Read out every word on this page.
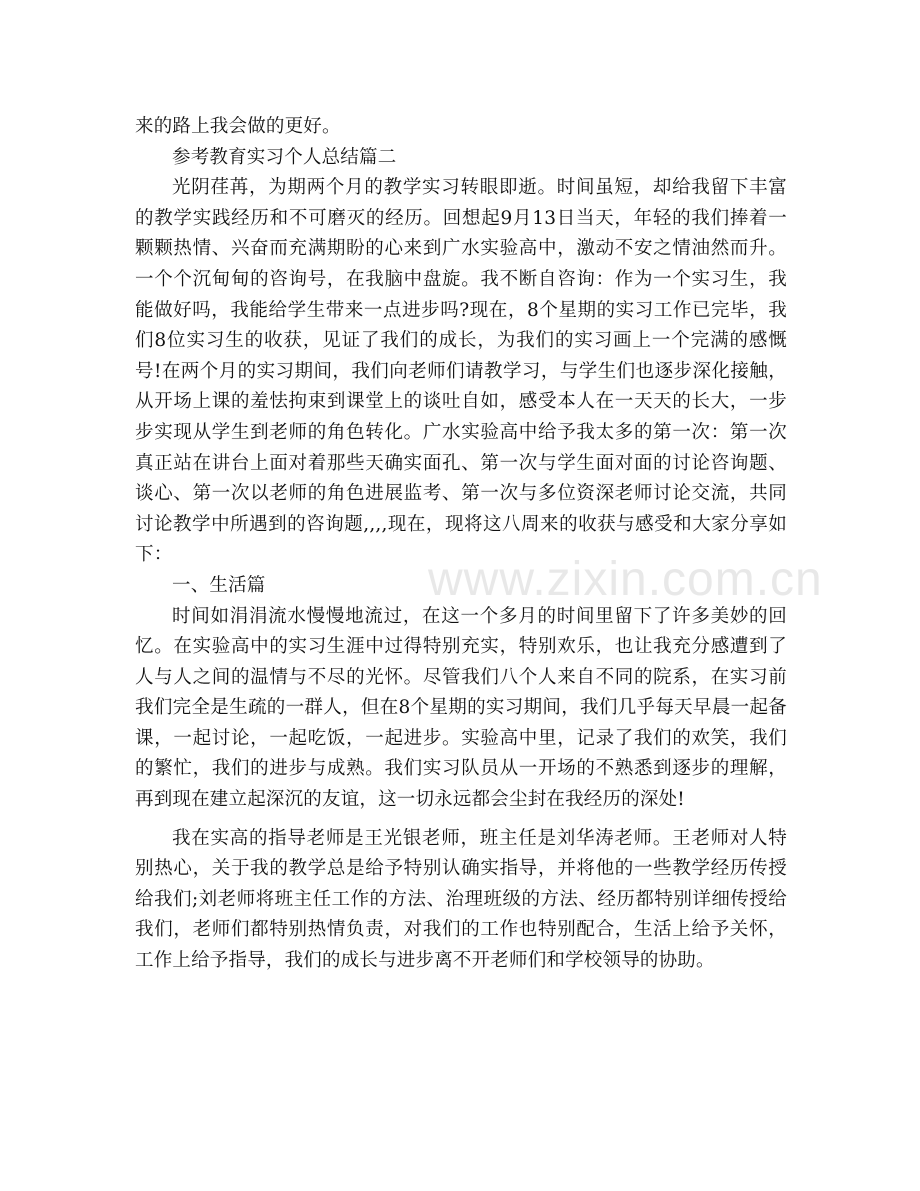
来的路上我会做的更好。

参考教育实习个人总结篇二

光阴荏苒，为期两个月的教学实习转眼即逝。时间虽短，却给我留下丰富的教学实践经历和不可磨灭的经历。回想起9月13日当天，年轻的我们捧着一颗颗热情、兴奋而充满期盼的心来到广水实验高中，激动不安之情油然而升。一个个沉甸甸的咨询号，在我脑中盘旋。我不断自咨询：作为一个实习生，我能做好吗，我能给学生带来一点进步吗?现在，8个星期的实习工作已完毕，我们8位实习生的收获，见证了我们的成长，为我们的实习画上一个完满的感慨号!在两个月的实习期间，我们向老师们请教学习，与学生们也逐步深化接触，从开场上课的羞怯拘束到课堂上的谈吐自如，感受本人在一天天的长大，一步步实现从学生到老师的角色转化。广水实验高中给予我太多的第一次：第一次真正站在讲台上面对着那些天确实面孔、第一次与学生面对面的讨论咨询题、谈心、第一次以老师的角色进展监考、第一次与多位资深老师讨论交流，共同讨论教学中所遇到的咨询题,,,,现在，现将这八周来的收获与感受和大家分享如下：

一、生活篇

时间如涓涓流水慢慢地流过，在这一个多月的时间里留下了许多美妙的回忆。在实验高中的实习生涯中过得特别充实，特别欢乐，也让我充分感遭到了人与人之间的温情与不尽的光怀。尽管我们八个人来自不同的院系，在实习前我们完全是生疏的一群人，但在8个星期的实习期间，我们几乎每天早晨一起备课，一起讨论，一起吃饭，一起进步。实验高中里，记录了我们的欢笑，我们的繁忙，我们的进步与成熟。我们实习队员从一开场的不熟悉到逐步的理解，再到现在建立起深沉的友谊，这一切永远都会尘封在我经历的深处!

我在实高的指导老师是王光银老师，班主任是刘华涛老师。王老师对人特别热心，关于我的教学总是给予特别认确实指导，并将他的一些教学经历传授给我们;刘老师将班主任工作的方法、治理班级的方法、经历都特别详细传授给我们，老师们都特别热情负责，对我们的工作也特别配合，生活上给予关怀，工作上给予指导，我们的成长与进步离不开老师们和学校领导的协助。

www.zixin.com.cn
